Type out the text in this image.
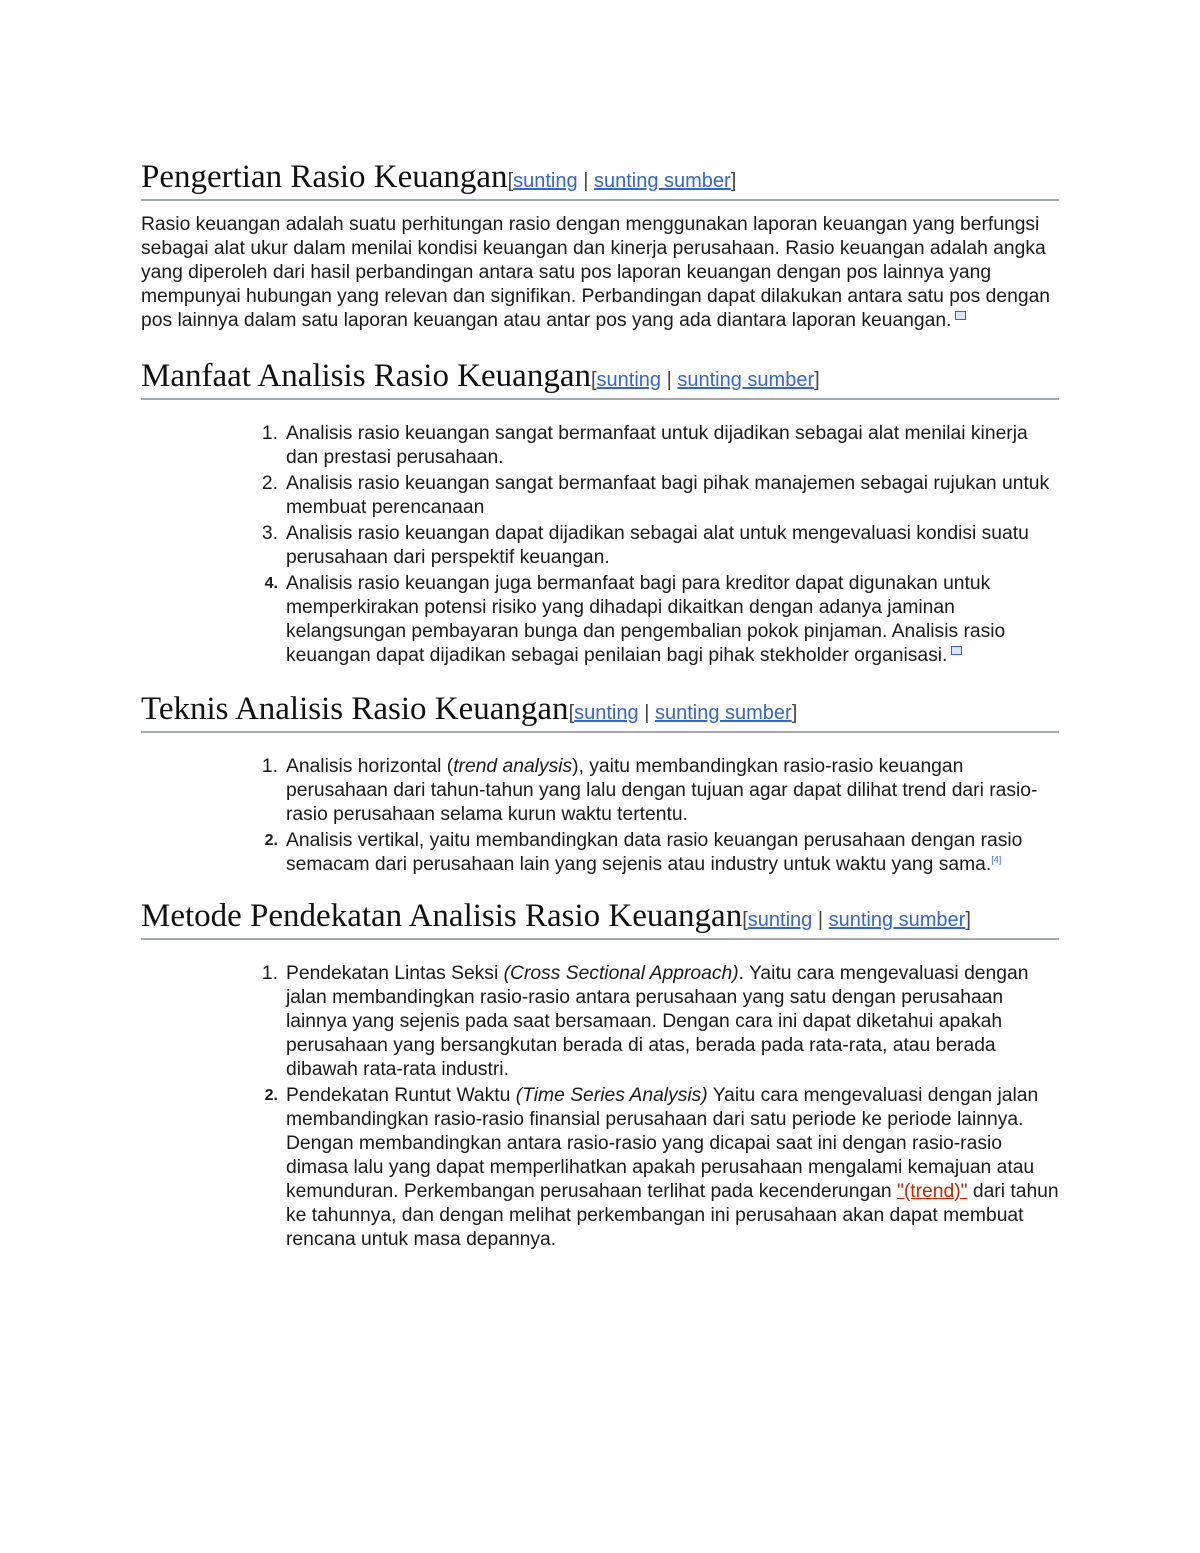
Pengertian Rasio Keuangan[sunting | sunting sumber]

Rasio keuangan adalah suatu perhitungan rasio dengan menggunakan laporan keuangan yang berfungsi sebagai alat ukur dalam menilai kondisi keuangan dan kinerja perusahaan. Rasio keuangan adalah angka yang diperoleh dari hasil perbandingan antara satu pos laporan keuangan dengan pos lainnya yang mempunyai hubungan yang relevan dan signifikan. Perbandingan dapat dilakukan antara satu pos dengan pos lainnya dalam satu laporan keuangan atau antar pos yang ada diantara laporan keuangan.

Manfaat Analisis Rasio Keuangan[sunting | sunting sumber]
1. Analisis rasio keuangan sangat bermanfaat untuk dijadikan sebagai alat menilai kinerja dan prestasi perusahaan.
2. Analisis rasio keuangan sangat bermanfaat bagi pihak manajemen sebagai rujukan untuk membuat perencanaan
3. Analisis rasio keuangan dapat dijadikan sebagai alat untuk mengevaluasi kondisi suatu perusahaan dari perspektif keuangan.
4. Analisis rasio keuangan juga bermanfaat bagi para kreditor dapat digunakan untuk memperkirakan potensi risiko yang dihadapi dikaitkan dengan adanya jaminan kelangsungan pembayaran bunga dan pengembalian pokok pinjaman. Analisis rasio keuangan dapat dijadikan sebagai penilaian bagi pihak stekholder organisasi.
Teknis Analisis Rasio Keuangan[sunting | sunting sumber]
1. Analisis horizontal (trend analysis), yaitu membandingkan rasio-rasio keuangan perusahaan dari tahun-tahun yang lalu dengan tujuan agar dapat dilihat trend dari rasio-rasio perusahaan selama kurun waktu tertentu.
2. Analisis vertikal, yaitu membandingkan data rasio keuangan perusahaan dengan rasio semacam dari perusahaan lain yang sejenis atau industry untuk waktu yang sama.[4]
Metode Pendekatan Analisis Rasio Keuangan[sunting | sunting sumber]
1. Pendekatan Lintas Seksi (Cross Sectional Approach). Yaitu cara mengevaluasi dengan jalan membandingkan rasio-rasio antara perusahaan yang satu dengan perusahaan lainnya yang sejenis pada saat bersamaan. Dengan cara ini dapat diketahui apakah perusahaan yang bersangkutan berada di atas, berada pada rata-rata, atau berada dibawah rata-rata industri.
2. Pendekatan Runtut Waktu (Time Series Analysis) Yaitu cara mengevaluasi dengan jalan membandingkan rasio-rasio finansial perusahaan dari satu periode ke periode lainnya. Dengan membandingkan antara rasio-rasio yang dicapai saat ini dengan rasio-rasio dimasa lalu yang dapat memperlihatkan apakah perusahaan mengalami kemajuan atau kemunduran. Perkembangan perusahaan terlihat pada kecenderungan "(trend)" dari tahun ke tahunnya, dan dengan melihat perkembangan ini perusahaan akan dapat membuat rencana untuk masa depannya.
